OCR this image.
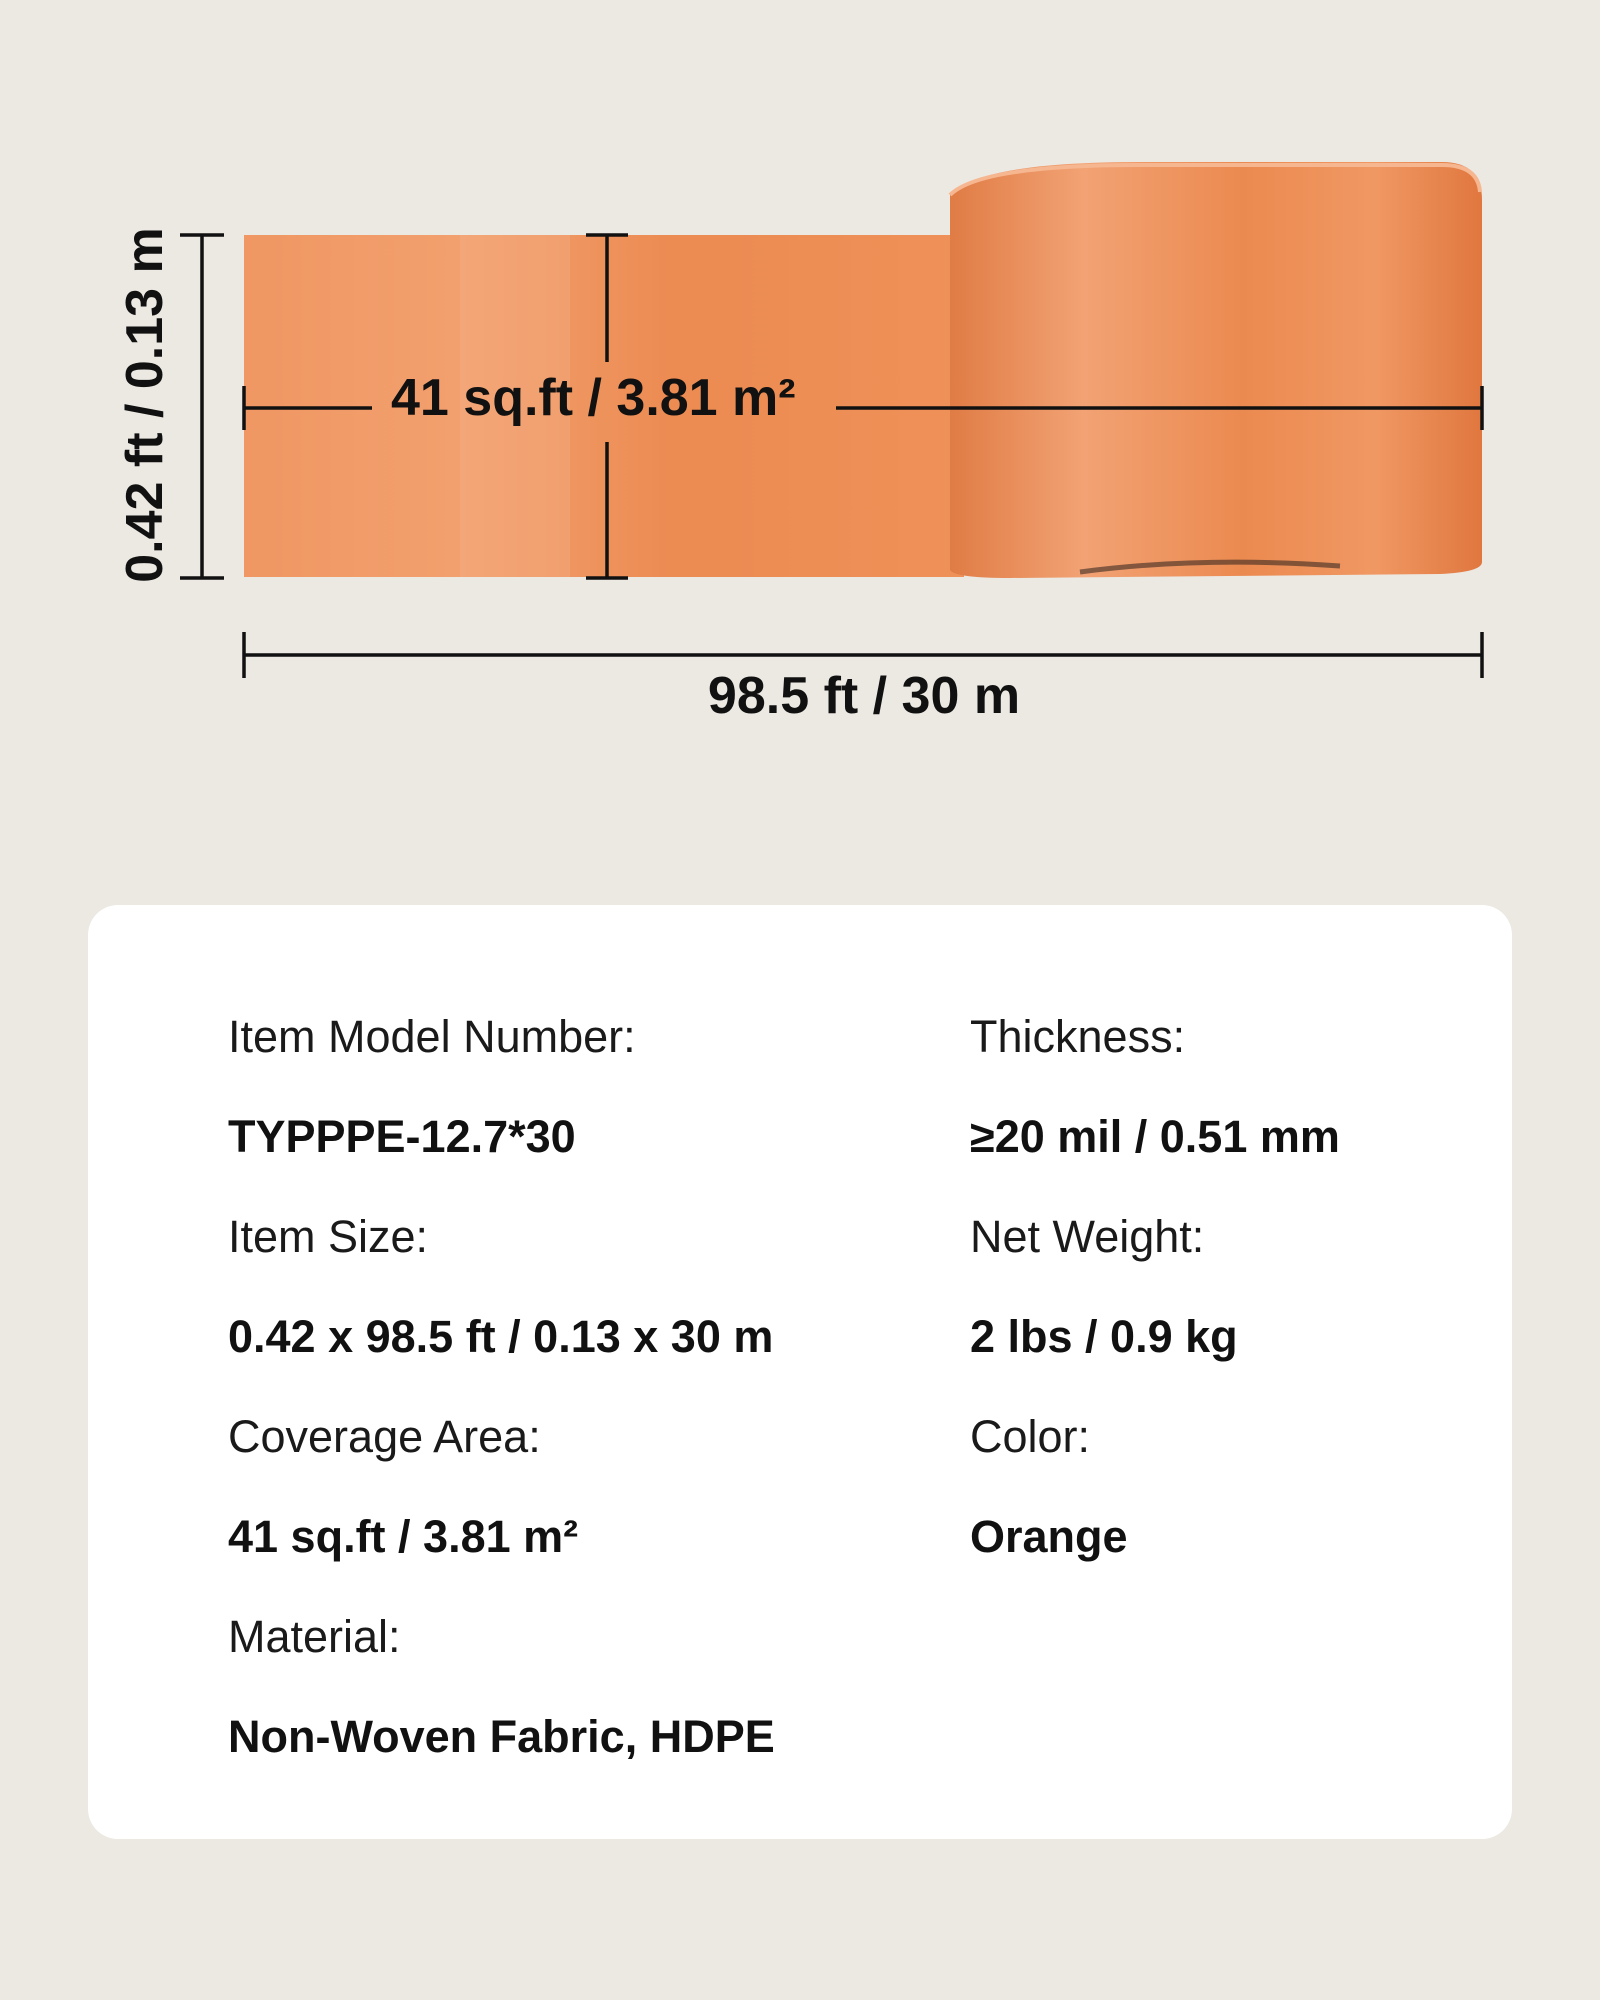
41 sq.ft / 3.81 m²
98.5 ft / 30 m
0.42 ft / 0.13 m
Item Model Number:
TYPPPE-12.7*30
Item Size:
0.42 x 98.5 ft / 0.13 x 30 m
Coverage Area:
41 sq.ft / 3.81 m²
Material:
Non-Woven Fabric, HDPE
Thickness:
≥20 mil / 0.51 mm
Net Weight:
2 lbs / 0.9 kg
Color:
Orange
